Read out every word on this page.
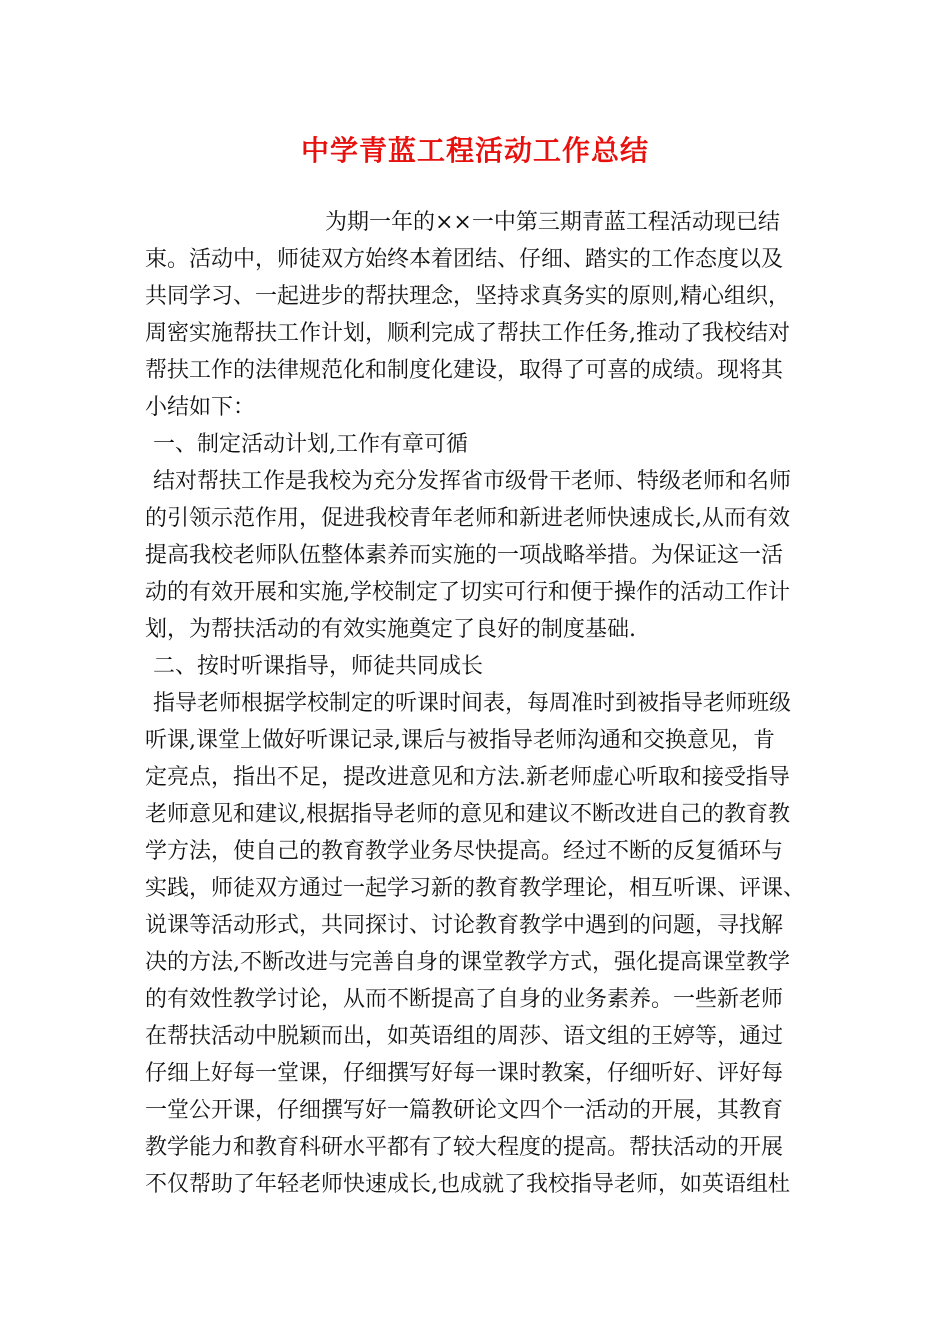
中学青蓝工程活动工作总结
为期一年的××一中第三期青蓝工程活动现已结
束。活动中，师徒双方始终本着团结、仔细、踏实的工作态度以及
共同学习、一起进步的帮扶理念，坚持求真务实的原则,精心组织，
周密实施帮扶工作计划，顺利完成了帮扶工作任务,推动了我校结对
帮扶工作的法律规范化和制度化建设，取得了可喜的成绩。现将其
小结如下：
一、制定活动计划,工作有章可循
结对帮扶工作是我校为充分发挥省市级骨干老师、特级老师和名师
的引领示范作用，促进我校青年老师和新进老师快速成长,从而有效
提高我校老师队伍整体素养而实施的一项战略举措。为保证这一活
动的有效开展和实施,学校制定了切实可行和便于操作的活动工作计
划，为帮扶活动的有效实施奠定了良好的制度基础.
二、按时听课指导，师徒共同成长
指导老师根据学校制定的听课时间表，每周准时到被指导老师班级
听课,课堂上做好听课记录,课后与被指导老师沟通和交换意见，肯
定亮点，指出不足，提改进意见和方法.新老师虚心听取和接受指导
老师意见和建议,根据指导老师的意见和建议不断改进自己的教育教
学方法，使自己的教育教学业务尽快提高。经过不断的反复循环与
实践，师徒双方通过一起学习新的教育教学理论，相互听课、评课、
说课等活动形式，共同探讨、讨论教育教学中遇到的问题，寻找解
决的方法,不断改进与完善自身的课堂教学方式，强化提高课堂教学
的有效性教学讨论，从而不断提高了自身的业务素养。一些新老师
在帮扶活动中脱颖而出，如英语组的周莎、语文组的王婷等，通过
仔细上好每一堂课，仔细撰写好每一课时教案，仔细听好、评好每
一堂公开课，仔细撰写好一篇教研论文四个一活动的开展，其教育
教学能力和教育科研水平都有了较大程度的提高。帮扶活动的开展
不仅帮助了年轻老师快速成长,也成就了我校指导老师，如英语组杜
